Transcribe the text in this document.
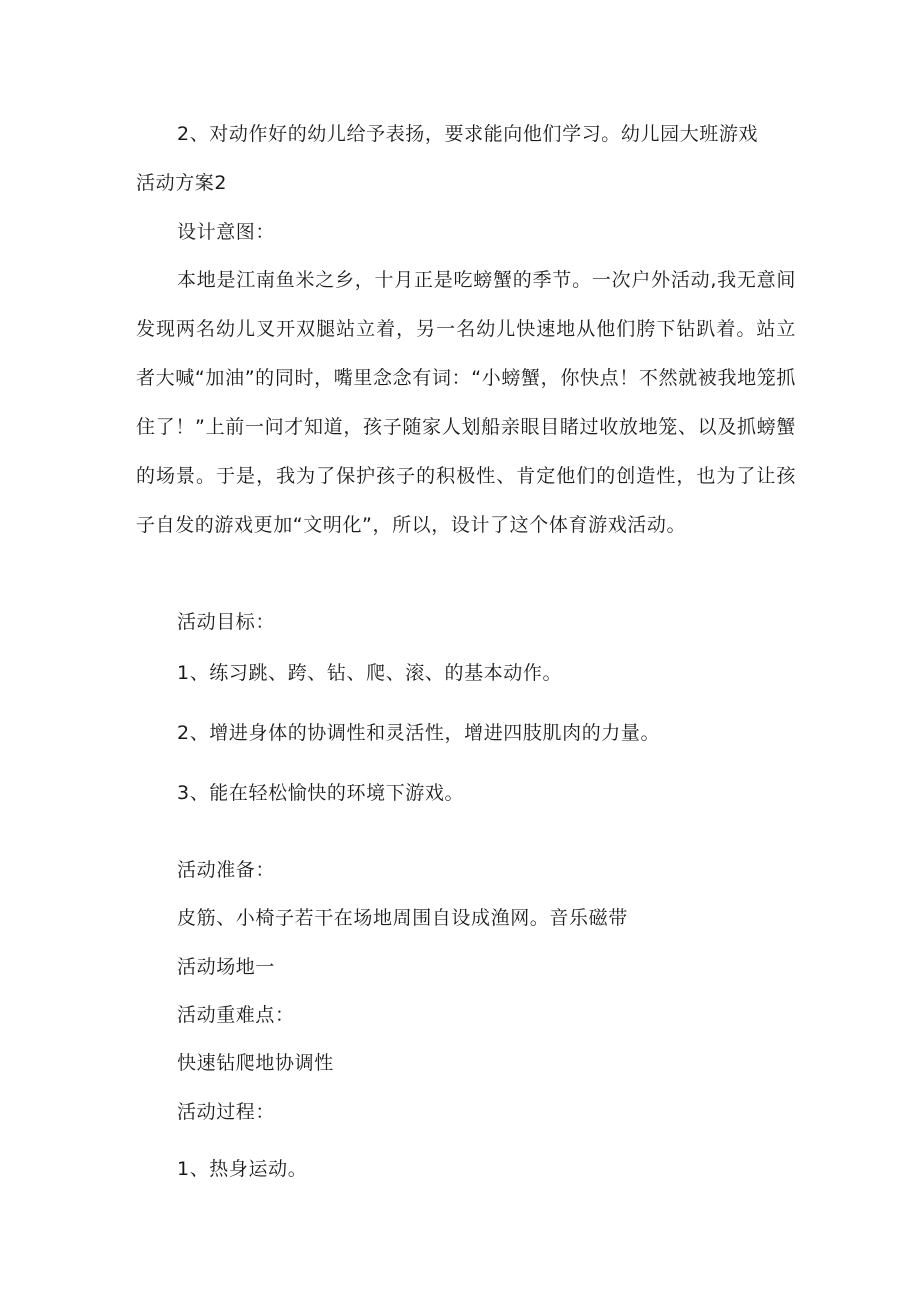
2、对动作好的幼儿给予表扬，要求能向他们学习。幼儿园大班游戏
活动方案2
设计意图：
本地是江南鱼米之乡，十月正是吃螃蟹的季节。一次户外活动,我无意间发现两名幼儿叉开双腿站立着，另一名幼儿快速地从他们胯下钻趴着。站立者大喊“加油”的同时，嘴里念念有词：“小螃蟹，你快点！不然就被我地笼抓住了！”上前一问才知道，孩子随家人划船亲眼目睹过收放地笼、以及抓螃蟹的场景。于是，我为了保护孩子的积极性、肯定他们的创造性，也为了让孩子自发的游戏更加“文明化”，所以，设计了这个体育游戏活动。
活动目标：
1、练习跳、跨、钻、爬、滚、的基本动作。
2、增进身体的协调性和灵活性，增进四肢肌肉的力量。
3、能在轻松愉快的环境下游戏。
活动准备：
皮筋、小椅子若干在场地周围自设成渔网。音乐磁带
活动场地一
活动重难点：
快速钻爬地协调性
活动过程：
1、热身运动。
